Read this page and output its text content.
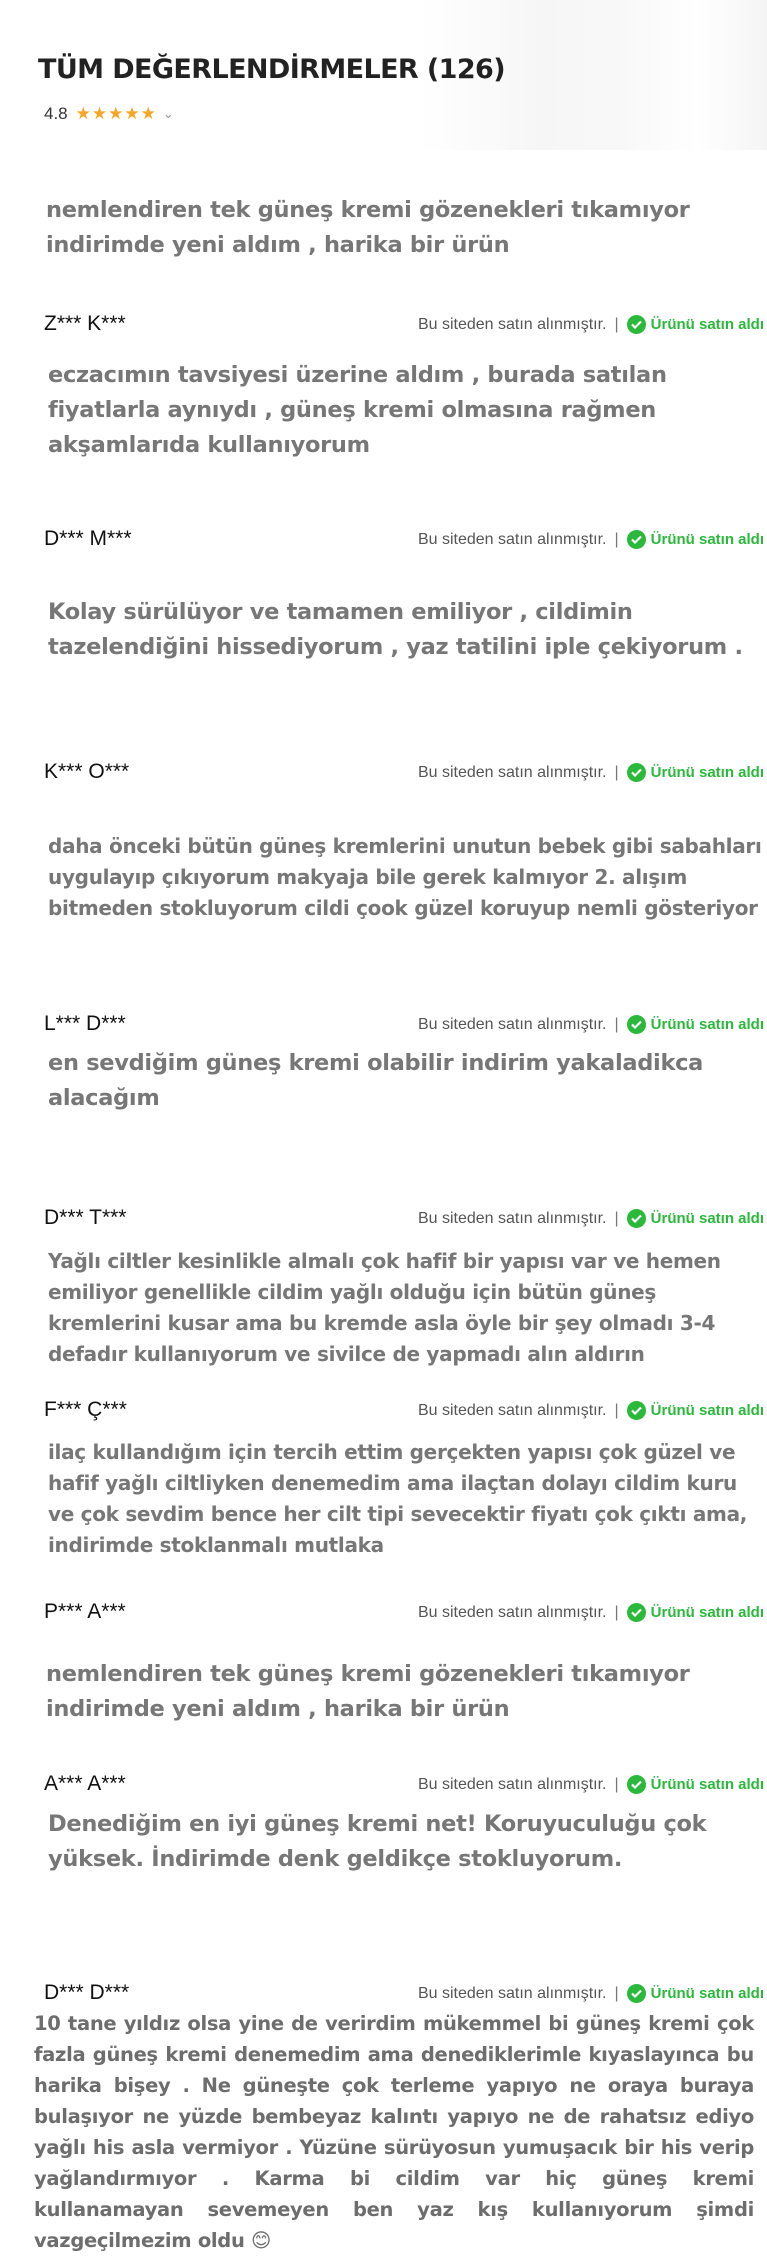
TÜM DEĞERLENDİRMELER (126)
4.8 ★★★★★ ⌄

nemlendiren tek güneş kremi gözenekleri tıkamıyor indirimde yeni aldım , harika bir ürün

Z*** K***	Bu siteden satın alınmıştır. | Ürünü satın aldı

eczacımın tavsiyesi üzerine aldım , burada satılan fiyatlarla aynıydı , güneş kremi olmasına rağmen akşamlarıda kullanıyorum

D*** M***	Bu siteden satın alınmıştır. | Ürünü satın aldı

Kolay sürülüyor ve tamamen emiliyor , cildimin tazelendiğini hissediyorum , yaz tatilini iple çekiyorum .

K*** O***	Bu siteden satın alınmıştır. | Ürünü satın aldı

daha önceki bütün güneş kremlerini unutun bebek gibi sabahları uygulayıp çıkıyorum makyaja bile gerek kalmıyor 2. alışım bitmeden stokluyorum cildi çook güzel koruyup nemli gösteriyor

L*** D***	Bu siteden satın alınmıştır. | Ürünü satın aldı

en sevdiğim güneş kremi olabilir indirim yakaladikca alacağım

D*** T***	Bu siteden satın alınmıştır. | Ürünü satın aldı

Yağlı ciltler kesinlikle almalı çok hafif bir yapısı var ve hemen emiliyor genellikle cildim yağlı olduğu için bütün güneş kremlerini kusar ama bu kremde asla öyle bir şey olmadı 3-4 defadır kullanıyorum ve sivilce de yapmadı alın aldırın

F*** Ç***	Bu siteden satın alınmıştır. | Ürünü satın aldı

ilaç kullandığım için tercih ettim gerçekten yapısı çok güzel ve hafif yağlı ciltliyken denemedim ama ilaçtan dolayı cildim kuru ve çok sevdim bence her cilt tipi sevecektir fiyatı çok çıktı ama, indirimde stoklanmalı mutlaka

P*** A***	Bu siteden satın alınmıştır. | Ürünü satın aldı

nemlendiren tek güneş kremi gözenekleri tıkamıyor indirimde yeni aldım , harika bir ürün

A*** A***	Bu siteden satın alınmıştır. | Ürünü satın aldı

Denediğim en iyi güneş kremi net! Koruyuculuğu çok yüksek. İndirimde denk geldikçe stokluyorum.

D*** D***	Bu siteden satın alınmıştır. | Ürünü satın aldı

10 tane yıldız olsa yine de verirdim mükemmel bi güneş kremi çok fazla güneş kremi denemedim ama denediklerimle kıyaslayınca bu harika bişey . Ne güneşte çok terleme yapıyo ne oraya buraya bulaşıyor ne yüzde bembeyaz kalıntı yapıyo ne de rahatsız ediyo yağlı his asla vermiyor . Yüzüne sürüyosun yumuşacık bir his verip yağlandırmıyor . Karma bi cildim var hiç güneş kremi kullanamayan sevemeyen ben yaz kış kullanıyorum şimdi vazgeçilmezim oldu 😊
